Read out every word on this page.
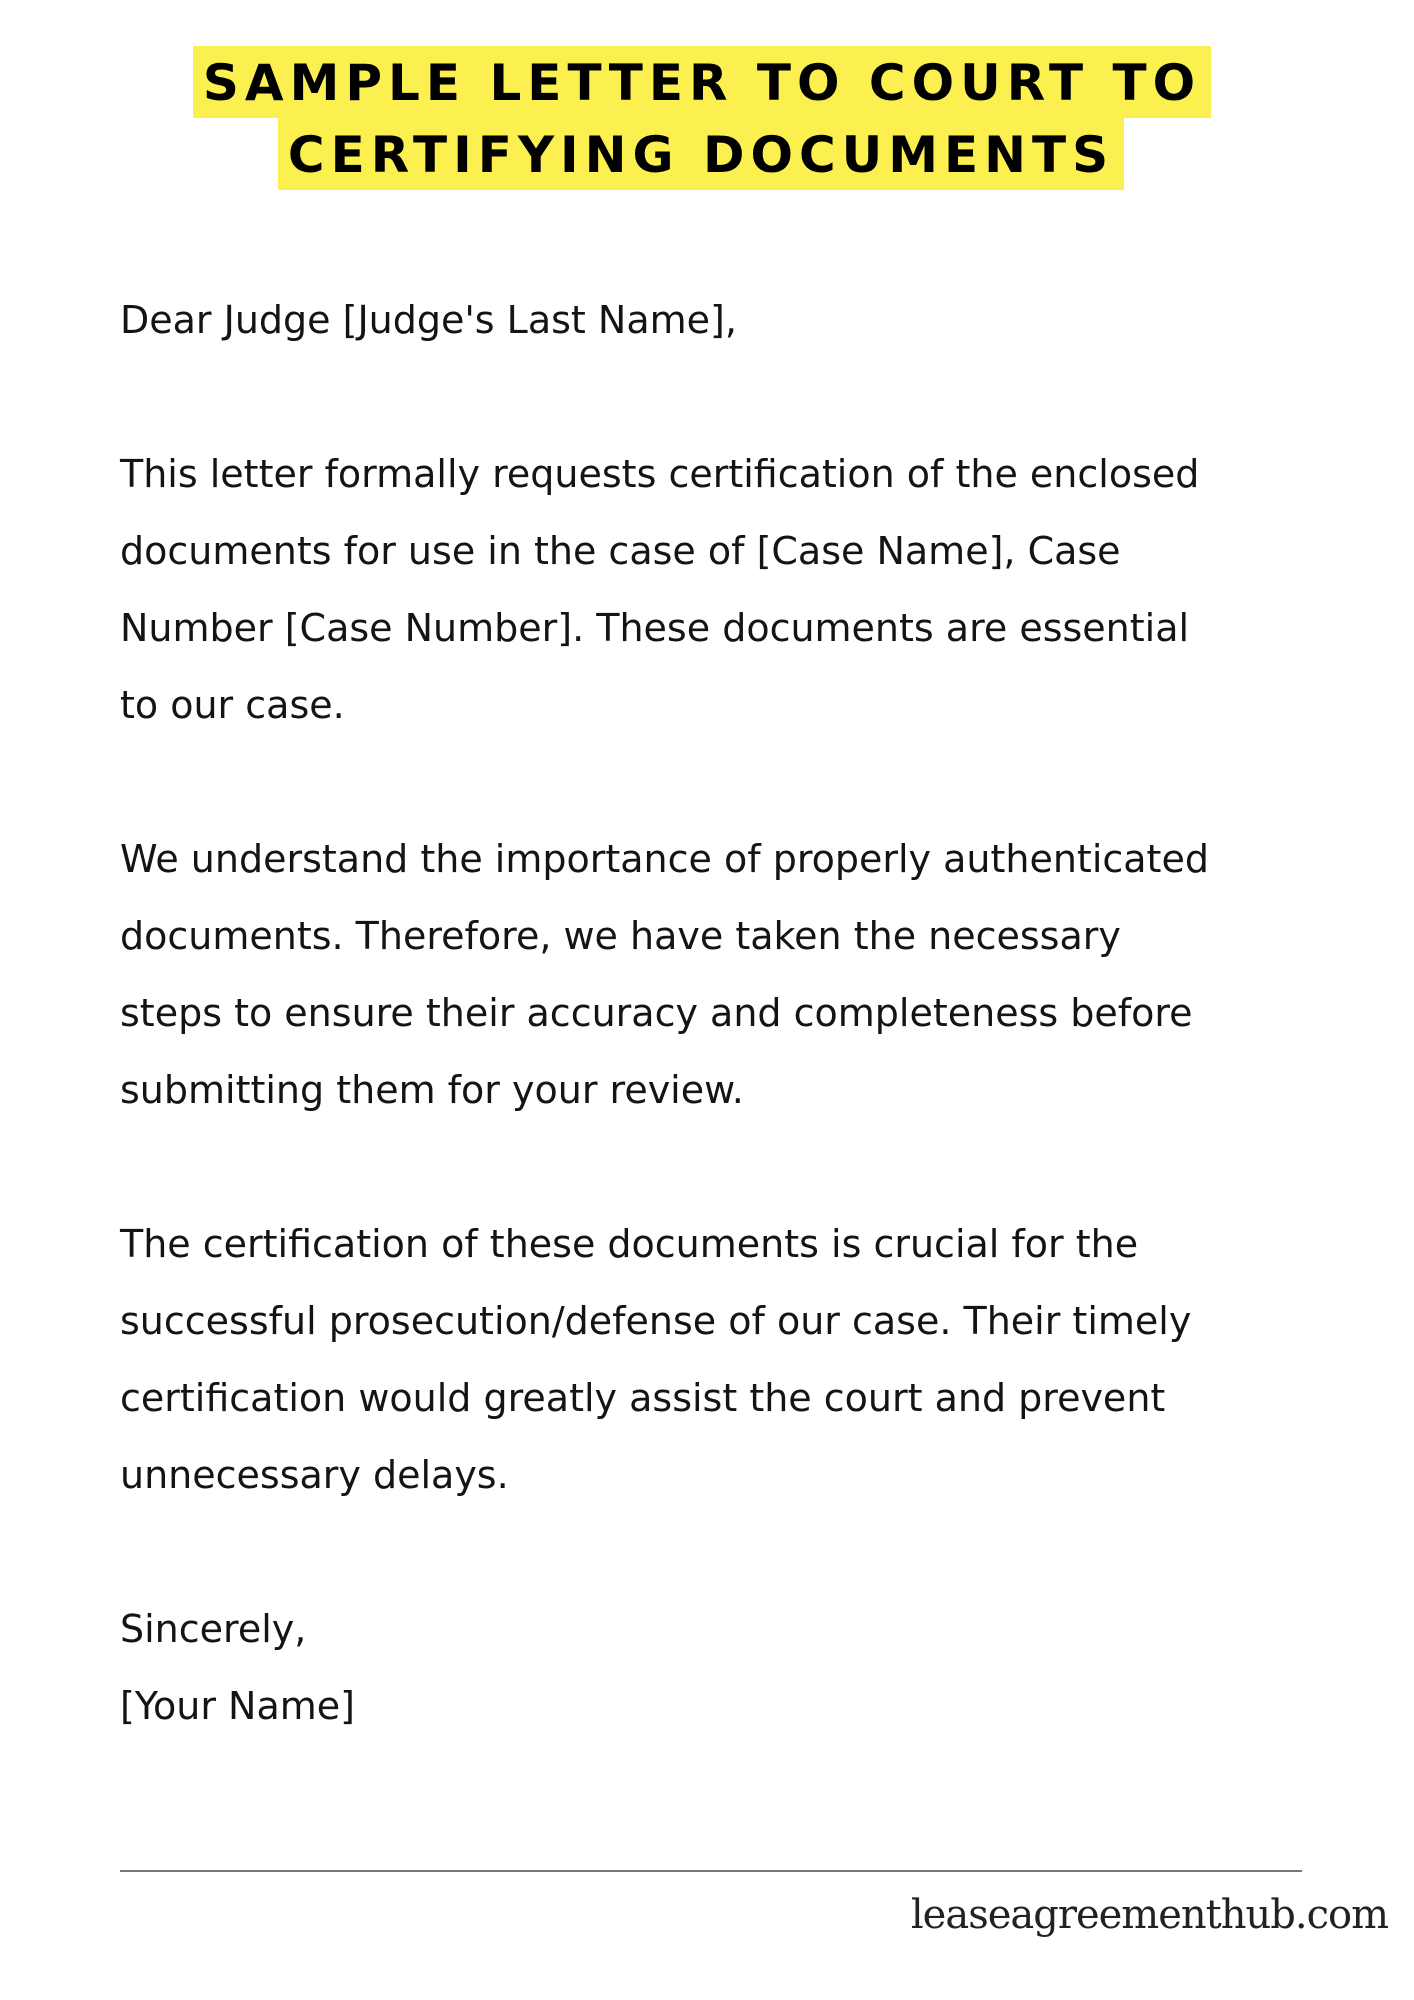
SAMPLE LETTER TO COURT TO
CERTIFYING DOCUMENTS

Dear Judge [Judge's Last Name],

This letter formally requests certification of the enclosed

documents for use in the case of [Case Name], Case

Number [Case Number]. These documents are essential

to our case.

We understand the importance of properly authenticated

documents. Therefore, we have taken the necessary

steps to ensure their accuracy and completeness before

submitting them for your review.

The certification of these documents is crucial for the

successful prosecution/defense of our case. Their timely

certification would greatly assist the court and prevent

unnecessary delays.

Sincerely,

[Your Name]

leaseagreementhub.com
